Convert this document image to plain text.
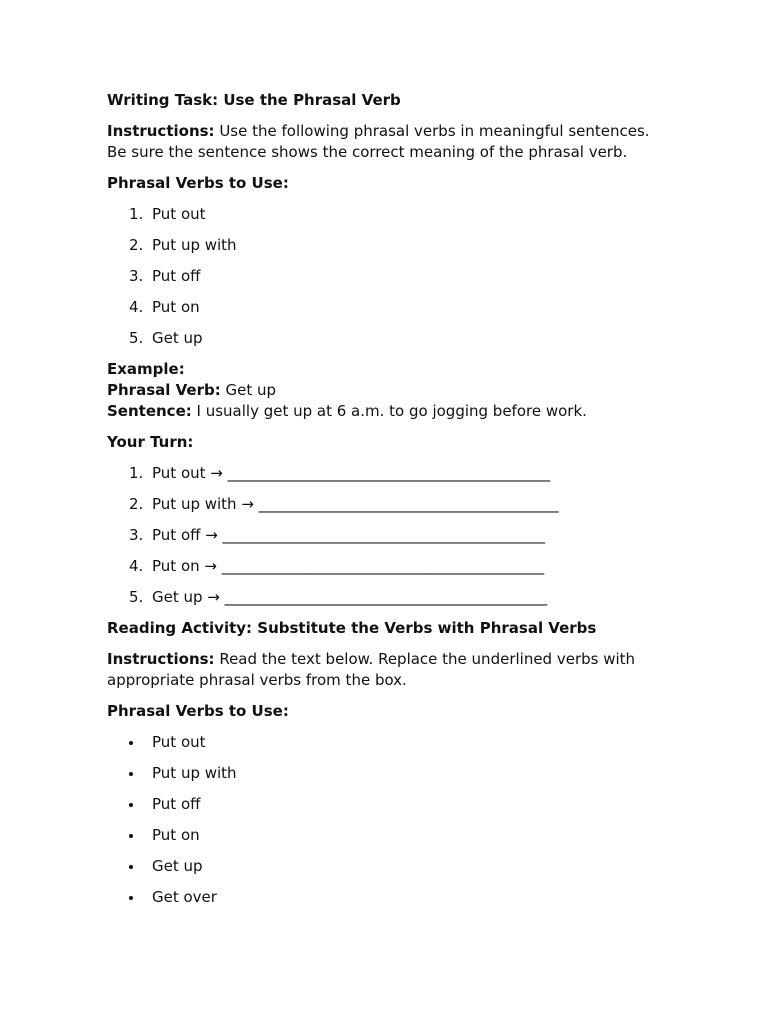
Writing Task: Use the Phrasal Verb

Instructions: Use the following phrasal verbs in meaningful sentences. Be sure the sentence shows the correct meaning of the phrasal verb.

Phrasal Verbs to Use:

1. Put out
2. Put up with
3. Put off
4. Put on
5. Get up

Example:

Phrasal Verb: Get up

Sentence: I usually get up at 6 a.m. to go jogging before work.

Your Turn:

1. Put out → ___________________________________________
2. Put up with → ________________________________________
3. Put off → ___________________________________________
4. Put on → ___________________________________________
5. Get up → ___________________________________________

Reading Activity: Substitute the Verbs with Phrasal Verbs

Instructions: Read the text below. Replace the underlined verbs with appropriate phrasal verbs from the box.

Phrasal Verbs to Use:

Put out
Put up with
Put off
Put on
Get up
Get over
